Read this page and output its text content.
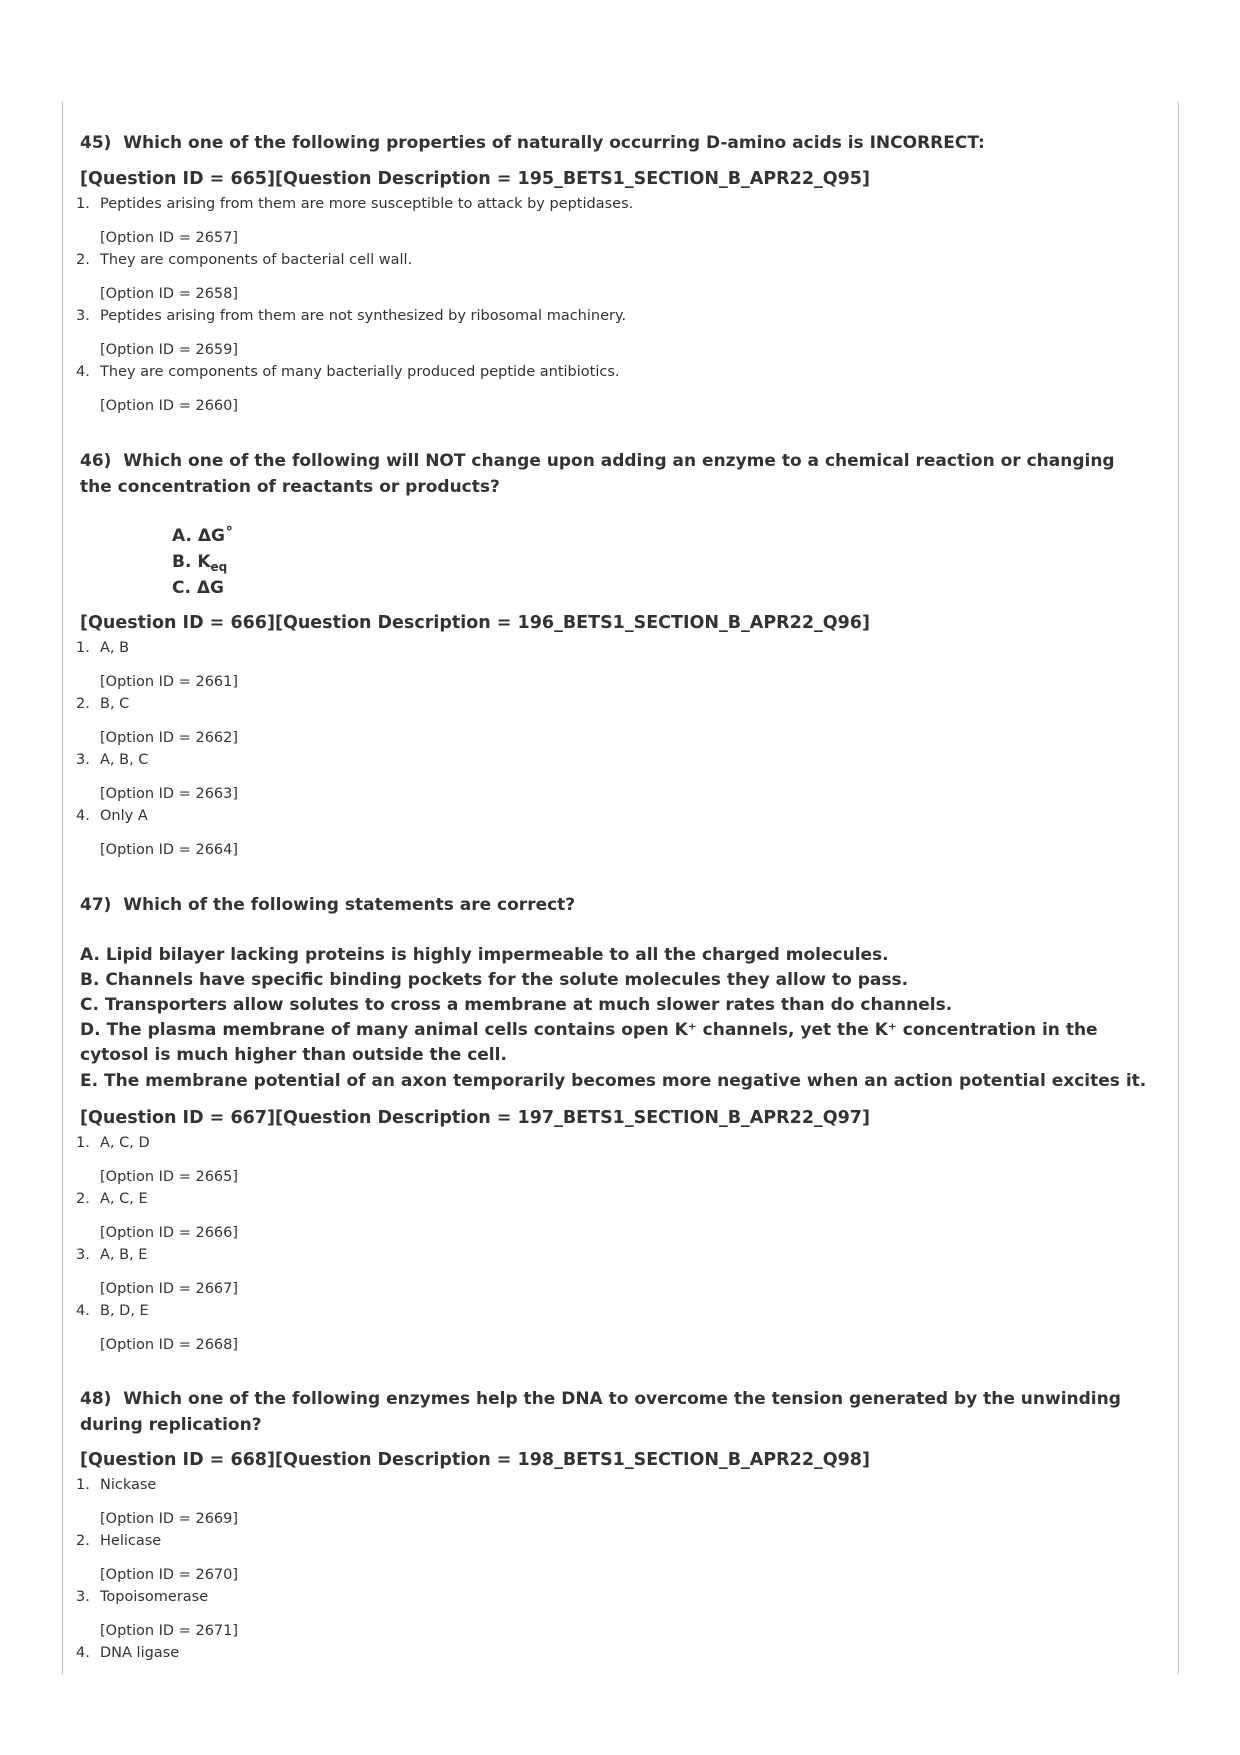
45) Which one of the following properties of naturally occurring D-amino acids is INCORRECT:
[Question ID = 665][Question Description = 195_BETS1_SECTION_B_APR22_Q95]
1. Peptides arising from them are more susceptible to attack by peptidases.
[Option ID = 2657]
2. They are components of bacterial cell wall.
[Option ID = 2658]
3. Peptides arising from them are not synthesized by ribosomal machinery.
[Option ID = 2659]
4. They are components of many bacterially produced peptide antibiotics.
[Option ID = 2660]
46) Which one of the following will NOT change upon adding an enzyme to a chemical reaction or changing the concentration of reactants or products?
A. ΔG˚
B. $K_{eq}$
C. ΔG
[Question ID = 666][Question Description = 196_BETS1_SECTION_B_APR22_Q96]
1. A, B
[Option ID = 2661]
2. B, C
[Option ID = 2662]
3. A, B, C
[Option ID = 2663]
4. Only A
[Option ID = 2664]
47) Which of the following statements are correct?
A. Lipid bilayer lacking proteins is highly impermeable to all the charged molecules.
B. Channels have specific binding pockets for the solute molecules they allow to pass.
C. Transporters allow solutes to cross a membrane at much slower rates than do channels.
D. The plasma membrane of many animal cells contains open K⁺ channels, yet the K⁺ concentration in the cytosol is much higher than outside the cell.
E. The membrane potential of an axon temporarily becomes more negative when an action potential excites it.
[Question ID = 667][Question Description = 197_BETS1_SECTION_B_APR22_Q97]
1. A, C, D
[Option ID = 2665]
2. A, C, E
[Option ID = 2666]
3. A, B, E
[Option ID = 2667]
4. B, D, E
[Option ID = 2668]
48) Which one of the following enzymes help the DNA to overcome the tension generated by the unwinding during replication?
[Question ID = 668][Question Description = 198_BETS1_SECTION_B_APR22_Q98]
1. Nickase
[Option ID = 2669]
2. Helicase
[Option ID = 2670]
3. Topoisomerase
[Option ID = 2671]
4. DNA ligase
